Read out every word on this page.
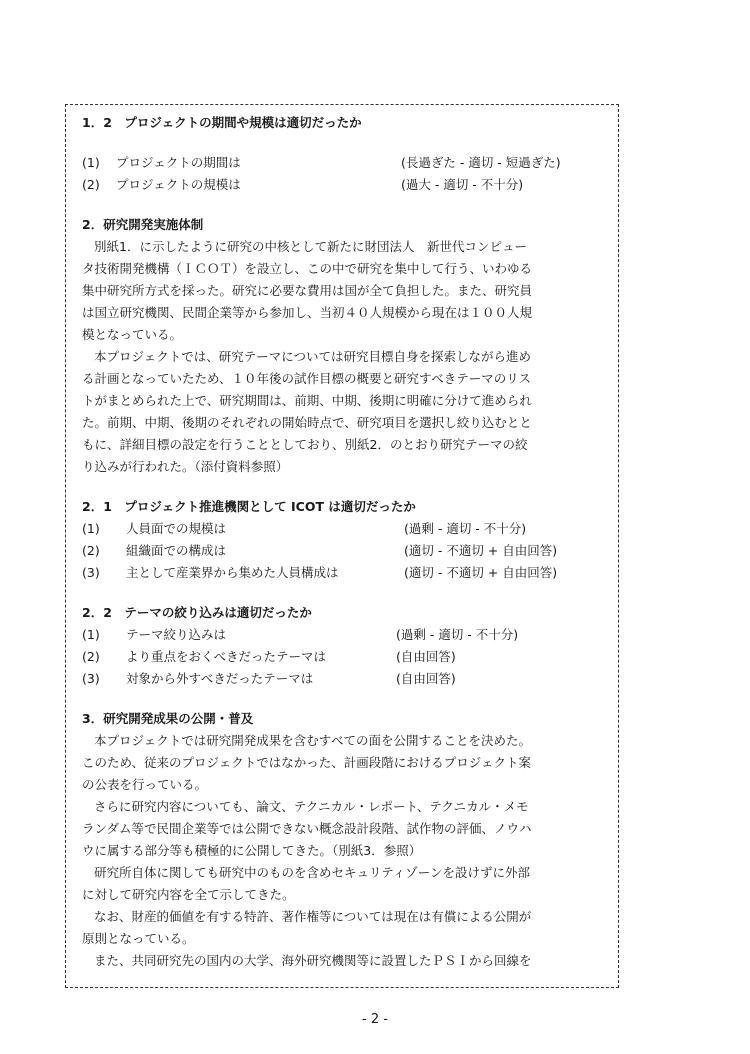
1．2　プロジェクトの期間や規模は適切だったか
(1)	プロジェクトの期間は	(長過ぎた - 適切 - 短過ぎた)
(2)	プロジェクトの規模は	(過大 - 適切 - 不十分)
2．研究開発実施体制
別紙1．に示したように研究の中核として新たに財団法人　新世代コンピュー
タ技術開発機構（ＩＣＯＴ）を設立し、この中で研究を集中して行う、いわゆる
集中研究所方式を採った。研究に必要な費用は国が全て負担した。また、研究員
は国立研究機関、民間企業等から参加し、当初４０人規模から現在は１００人規
模となっている。
本プロジェクトでは、研究テーマについては研究目標自身を探索しながら進め
る計画となっていたため、１０年後の試作目標の概要と研究すべきテーマのリス
トがまとめられた上で、研究期間は、前期、中期、後期に明確に分けて進められ
た。前期、中期、後期のそれぞれの開始時点で、研究項目を選択し絞り込むとと
もに、詳細目標の設定を行うこととしており、別紙2．のとおり研究テーマの絞
り込みが行われた。（添付資料参照）
2．1　プロジェクト推進機関として ICOT は適切だったか
(1)	人員面での規模は	(過剰 - 適切 - 不十分)
(2)	組織面での構成は	(適切 - 不適切 + 自由回答)
(3)	主として産業界から集めた人員構成は	(適切 - 不適切 + 自由回答)
2．2　テーマの絞り込みは適切だったか
(1)	テーマ絞り込みは	(過剰 - 適切 - 不十分)
(2)	より重点をおくべきだったテーマは	(自由回答)
(3)	対象から外すべきだったテーマは	(自由回答)
3．研究開発成果の公開・普及
本プロジェクトでは研究開発成果を含むすべての面を公開することを決めた。
このため、従来のプロジェクトではなかった、計画段階におけるプロジェクト案
の公表を行っている。
さらに研究内容についても、論文、テクニカル・レポート、テクニカル・メモ
ランダム等で民間企業等では公開できない概念設計段階、試作物の評価、ノウハ
ウに属する部分等も積極的に公開してきた。（別紙3．参照）
研究所自体に関しても研究中のものを含めセキュリティゾーンを設けずに外部
に対して研究内容を全て示してきた。
なお、財産的価値を有する特許、著作権等については現在は有償による公開が
原則となっている。
また、共同研究先の国内の大学、海外研究機関等に設置したＰＳＩから回線を
- 2 -
